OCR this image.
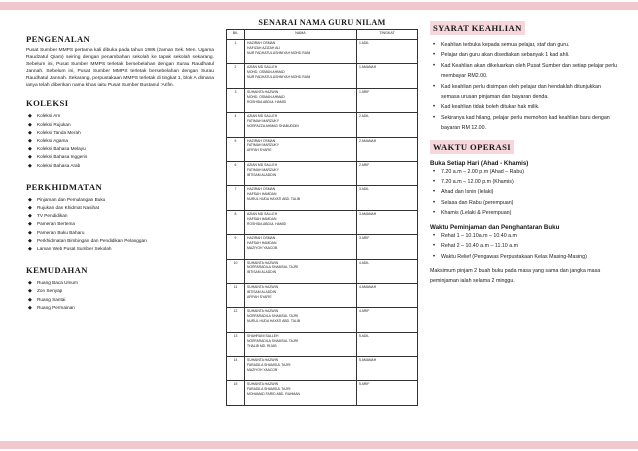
PENGENALAN

Pusat Sumber MMPS pertama kali dibuka pada tahun 1986 (zaman Sek. Men. Ugama Raudzatul Qiam) seiring dengan penambahan sekolah ke tapak sekolah sekarang. Sebelum ini, Pusat Sumber MMPS terletak bersebelahan dengan Surau Raudhatul Jannah. Sebelum ini, Pusat Sumber MMPS terletak bersebelahan dengan Surau Raudhatul Jannah. Sekarang, perpustakaan MMPS terletak di tingkat 1, blok A dimana ianya telah diberikan nama khas iaitu Pusat Sumber Bustanul 'Arifin.

KOLEKSI
◆ Koleksi Am
◆ Koleksi Rujukan
◆ Koleksi Tanda Merah
◆ Koleksi Agama
◆ Koleksi Bahasa Melayu
◆ Koleksi Bahasa Inggeris
◆ Koleksi Bahasa Arab
PERKHIDMATAN
◆ Pinjaman dan Pemulangan Buku
◆ Rujukan dan Khidmat Nasihat
◆ TV Pendidikan
◆ Pameran Bertema
◆ Pameran Buku Baharu
◆ Perkhidmatan Bimbingan dan Pendidikan Pelanggan
◆ Laman Web Pusat Sumber Sekolah
KEMUDAHAN
◆ Ruang Baca Umum
◆ Zon Senyap
◆ Ruang Santai
◆ Ruang Permainan
SENARAI NAMA GURU NILAM
BIL	NAMA	TINGKAT
1	HAZIRAH OSMAN
HAFIZAH AZIZAH ALI
NUR FADHATULUSHNIYAH MOHD RANI	1 ADIL
2	AZIAN MD SALLEH
MOHD. OSMAN AHMAD
NUR FADHATULUSHNIYAH MOHD RANI	1 AMANAH
3	SUHAINTA HAZWIN
MOHD. OSMAN AHMAD
ROSHIDA ABDUL HAMID	1 ARIF
4	AZIAN MD SALLEH
FATIMAH MARZUKY
NORFAZZA AHMAD SHABUDDIN	2 ADIL
5	HAZIRAH OSMAN
FATIMAH MARZUKY
AFIFAH SYAFIE	2 AMANAH
6	AZIAN MD SALLEH
FATIMAH MARZUKY
IBTISAM ALADDIN	2 ARIF
7	HAZIRAH OSMAN
HAFSAH HAMDAN
NURUL HUDA HAYATI ABD. TALIB	3 ADIL
8	AZIAN MD SALLEH
HAFSAH HAMDAN
ROSHIDA ABDUL HAMID	3 AMANAH
9	HAZIRAH OSMAN
HAFSAH HAMDAN
MAZIYOH YAACOB	3 ARIF
10	SUHAINTA HAZWIN
NORFARADILA SHAMSUL TAJRI
IBTISAM ALADDIN	4 ADIL
11	SUHAINTA HAZWIN
IBTISAM ALADDIN
AFIFAH SYAFIE	4 AMANAH
12	SUHAINTA HAZWIN
NORFARADILA SHAMSUL TAJRI
NURUL HUDA HAYATI ABD. TALIB	4 ARIF
13	SHAHRANI SALLEH
NORFARADILA SHAMSUL TAJRI
THALIB MD. RIJAB	5 ADIL
14	SUHAINTA HAZWIN
FARADILA SHAMSUL TAJRI
MAZIYOH YAACOB	5 AMANAH
15	SUHAINTA HAZWIN
FARADILA SHAMSUL TAJRI
MOHAMAD FARID ABD. RAHMAN	5 ARIF
SYARAT KEAHLIAN
• Keahlian terbuka kepada semua pelajar, staf dan guru.
• Pelajar dan guru akan disediakan sebanyak 1 kad ahli.
• Kad Keahlian akan dikeluarkan oleh Pusat Sumber dan setiap pelajar perlu membayar RM2.00.
• Kad keahlian perlu disimpan oleh pelajar dan hendaklah ditunjukkan semasa urusan pinjaman dan bayaran denda.
• Kad keahlian tidak boleh ditukar hak milik.
• Sekiranya kad hilang, pelajar perlu memohon kad keahlian baru dengan bayaran RM 12.00.
WAKTU OPERASI

Buka Setiap Hari (Ahad - Khamis)

• 7.20 a.m – 2.00 p.m (Ahad – Rabu)
• 7.20 a.m – 12.00 p.m (Khamis)
• Ahad dan Isnin (lelaki)
• Selasa dan Rabu (perempuan)
• Khamis (Lelaki & Perempuan)

Waktu Peminjaman dan Penghantaran Buku

• Rehat 1 – 10.10a.m – 10.40 a.m
• Rehat 2 – 10.40 a.m – 11.10 a.m
• Waktu Relief (Pengawas Perpustakaan Kelas Masing-Masing)

Maksimum pinjam 2 buah buku pada masa yang sama dan jangka masa peminjaman ialah selama 2 minggu.
